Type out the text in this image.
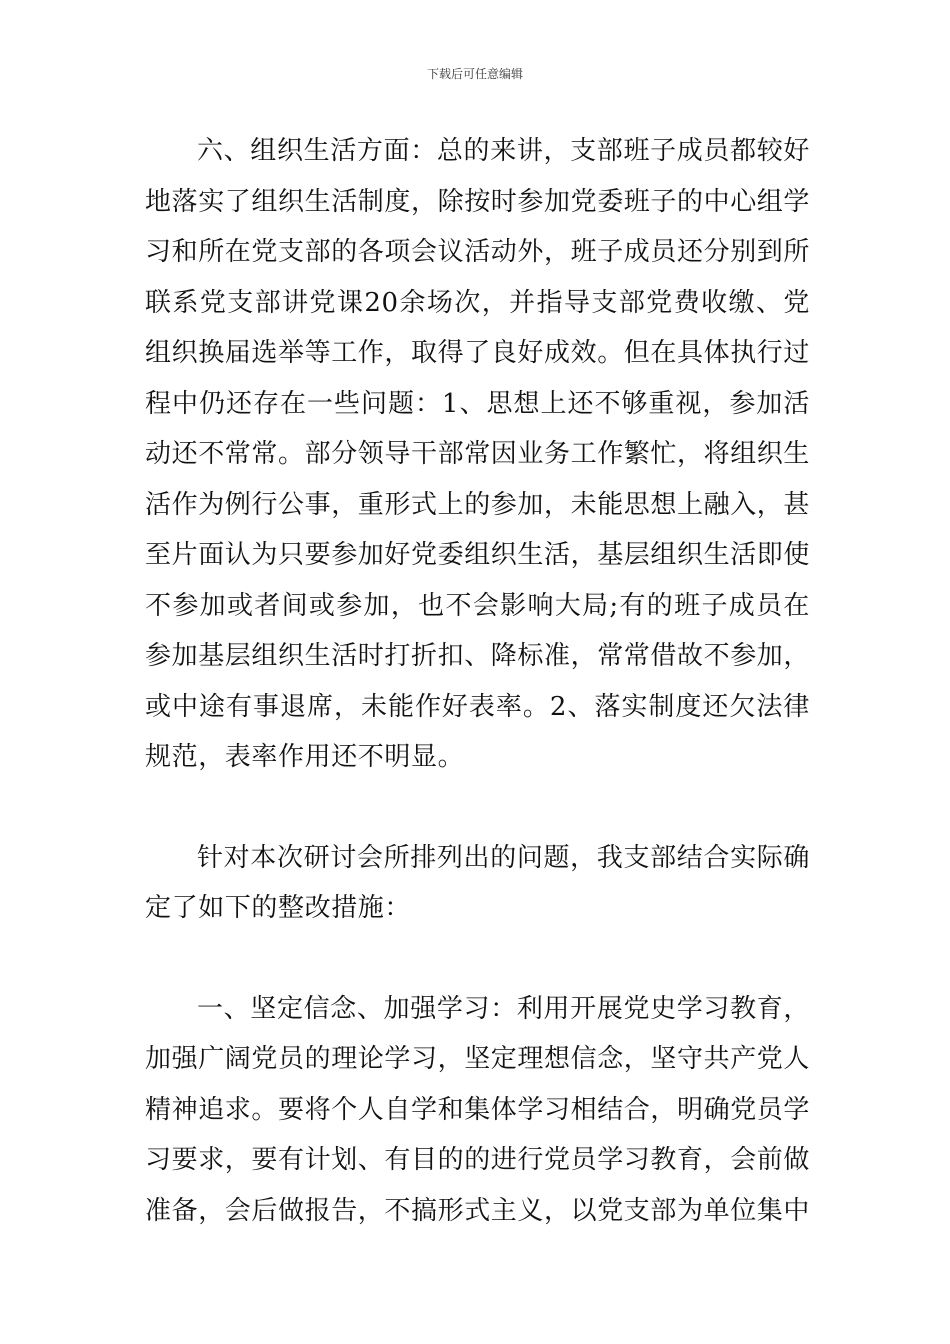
下载后可任意编辑

六、组织生活方面：总的来讲，支部班子成员都较好地落实了组织生活制度，除按时参加党委班子的中心组学习和所在党支部的各项会议活动外，班子成员还分别到所联系党支部讲党课20余场次，并指导支部党费收缴、党组织换届选举等工作，取得了良好成效。但在具体执行过程中仍还存在一些问题：1、思想上还不够重视，参加活动还不常常。部分领导干部常因业务工作繁忙，将组织生活作为例行公事，重形式上的参加，未能思想上融入，甚至片面认为只要参加好党委组织生活，基层组织生活即使不参加或者间或参加，也不会影响大局;有的班子成员在参加基层组织生活时打折扣、降标准，常常借故不参加，或中途有事退席，未能作好表率。2、落实制度还欠法律规范，表率作用还不明显。

针对本次研讨会所排列出的问题，我支部结合实际确定了如下的整改措施：

一、坚定信念、加强学习：利用开展党史学习教育，加强广阔党员的理论学习，坚定理想信念，坚守共产党人精神追求。要将个人自学和集体学习相结合，明确党员学习要求，要有计划、有目的的进行党员学习教育，会前做准备，会后做报告，不搞形式主义，以党支部为单位集中
